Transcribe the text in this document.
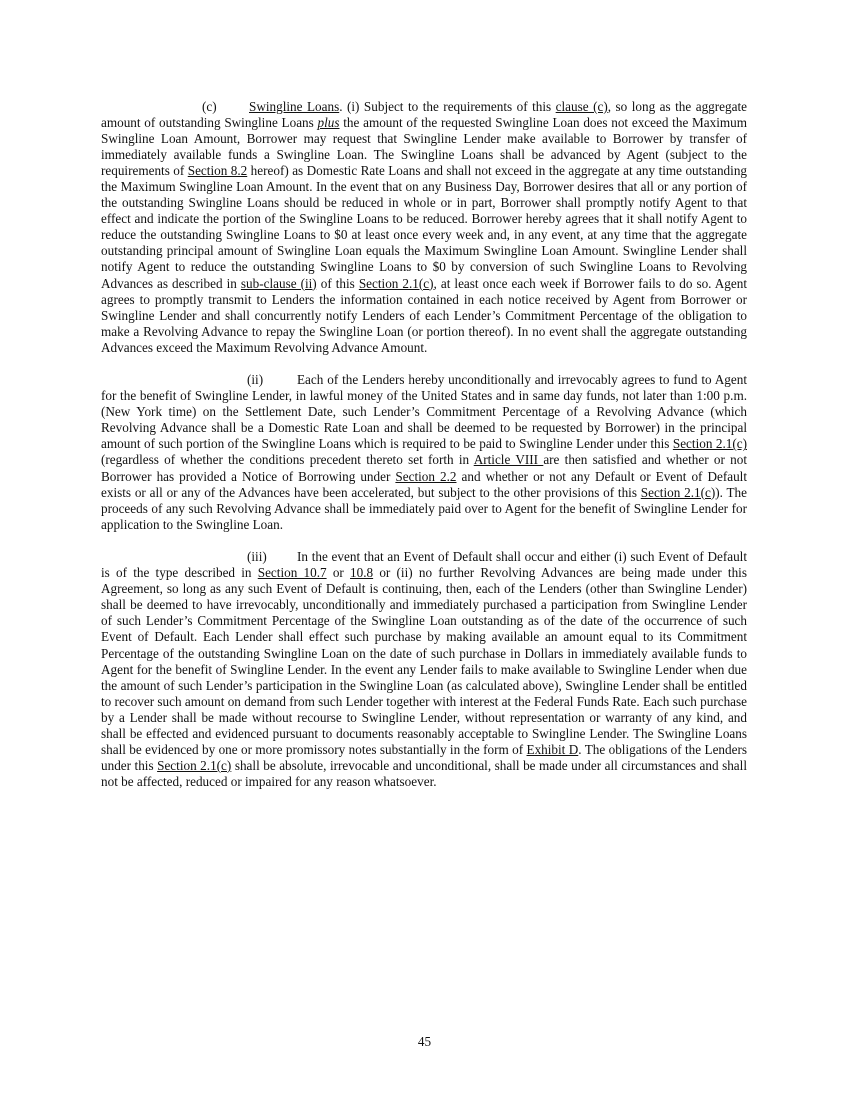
(c) Swingline Loans. (i) Subject to the requirements of this clause (c), so long as the aggregate amount of outstanding Swingline Loans plus the amount of the requested Swingline Loan does not exceed the Maximum Swingline Loan Amount, Borrower may request that Swingline Lender make available to Borrower by transfer of immediately available funds a Swingline Loan. The Swingline Loans shall be advanced by Agent (subject to the requirements of Section 8.2 hereof) as Domestic Rate Loans and shall not exceed in the aggregate at any time outstanding the Maximum Swingline Loan Amount. In the event that on any Business Day, Borrower desires that all or any portion of the outstanding Swingline Loans should be reduced in whole or in part, Borrower shall promptly notify Agent to that effect and indicate the portion of the Swingline Loans to be reduced. Borrower hereby agrees that it shall notify Agent to reduce the outstanding Swingline Loans to $0 at least once every week and, in any event, at any time that the aggregate outstanding principal amount of Swingline Loan equals the Maximum Swingline Loan Amount. Swingline Lender shall notify Agent to reduce the outstanding Swingline Loans to $0 by conversion of such Swingline Loans to Revolving Advances as described in sub-clause (ii) of this Section 2.1(c), at least once each week if Borrower fails to do so. Agent agrees to promptly transmit to Lenders the information contained in each notice received by Agent from Borrower or Swingline Lender and shall concurrently notify Lenders of each Lender’s Commitment Percentage of the obligation to make a Revolving Advance to repay the Swingline Loan (or portion thereof). In no event shall the aggregate outstanding Advances exceed the Maximum Revolving Advance Amount.

(ii)	Each of the Lenders hereby unconditionally and irrevocably agrees to fund to Agent for the benefit of Swingline Lender, in lawful money of the United States and in same day funds, not later than 1:00 p.m. (New York time) on the Settlement Date, such Lender’s Commitment Percentage of a Revolving Advance (which Revolving Advance shall be a Domestic Rate Loan and shall be deemed to be requested by Borrower) in the principal amount of such portion of the Swingline Loans which is required to be paid to Swingline Lender under this Section 2.1(c) (regardless of whether the conditions precedent thereto set forth in Article VIII are then satisfied and whether or not Borrower has provided a Notice of Borrowing under Section 2.2 and whether or not any Default or Event of Default exists or all or any of the Advances have been accelerated, but subject to the other provisions of this Section 2.1(c)). The proceeds of any such Revolving Advance shall be immediately paid over to Agent for the benefit of Swingline Lender for application to the Swingline Loan.

(iii) In the event that an Event of Default shall occur and either (i) such Event of Default is of the type described in Section 10.7 or 10.8 or (ii) no further Revolving Advances are being made under this Agreement, so long as any such Event of Default is continuing, then, each of the Lenders (other than Swingline Lender) shall be deemed to have irrevocably, unconditionally and immediately purchased a participation from Swingline Lender of such Lender’s Commitment Percentage of the Swingline Loan outstanding as of the date of the occurrence of such Event of Default. Each Lender shall effect such purchase by making available an amount equal to its Commitment Percentage of the outstanding Swingline Loan on the date of such purchase in Dollars in immediately available funds to Agent for the benefit of Swingline Lender. In the event any Lender fails to make available to Swingline Lender when due the amount of such Lender’s participation in the Swingline Loan (as calculated above), Swingline Lender shall be entitled to recover such amount on demand from such Lender together with interest at the Federal Funds Rate. Each such purchase by a Lender shall be made without recourse to Swingline Lender, without representation or warranty of any kind, and shall be effected and evidenced pursuant to documents reasonably acceptable to Swingline Lender. The Swingline Loans shall be evidenced by one or more promissory notes substantially in the form of Exhibit D. The obligations of the Lenders under this Section 2.1(c) shall be absolute, irrevocable and unconditional, shall be made under all circumstances and shall not be affected, reduced or impaired for any reason whatsoever.

45
